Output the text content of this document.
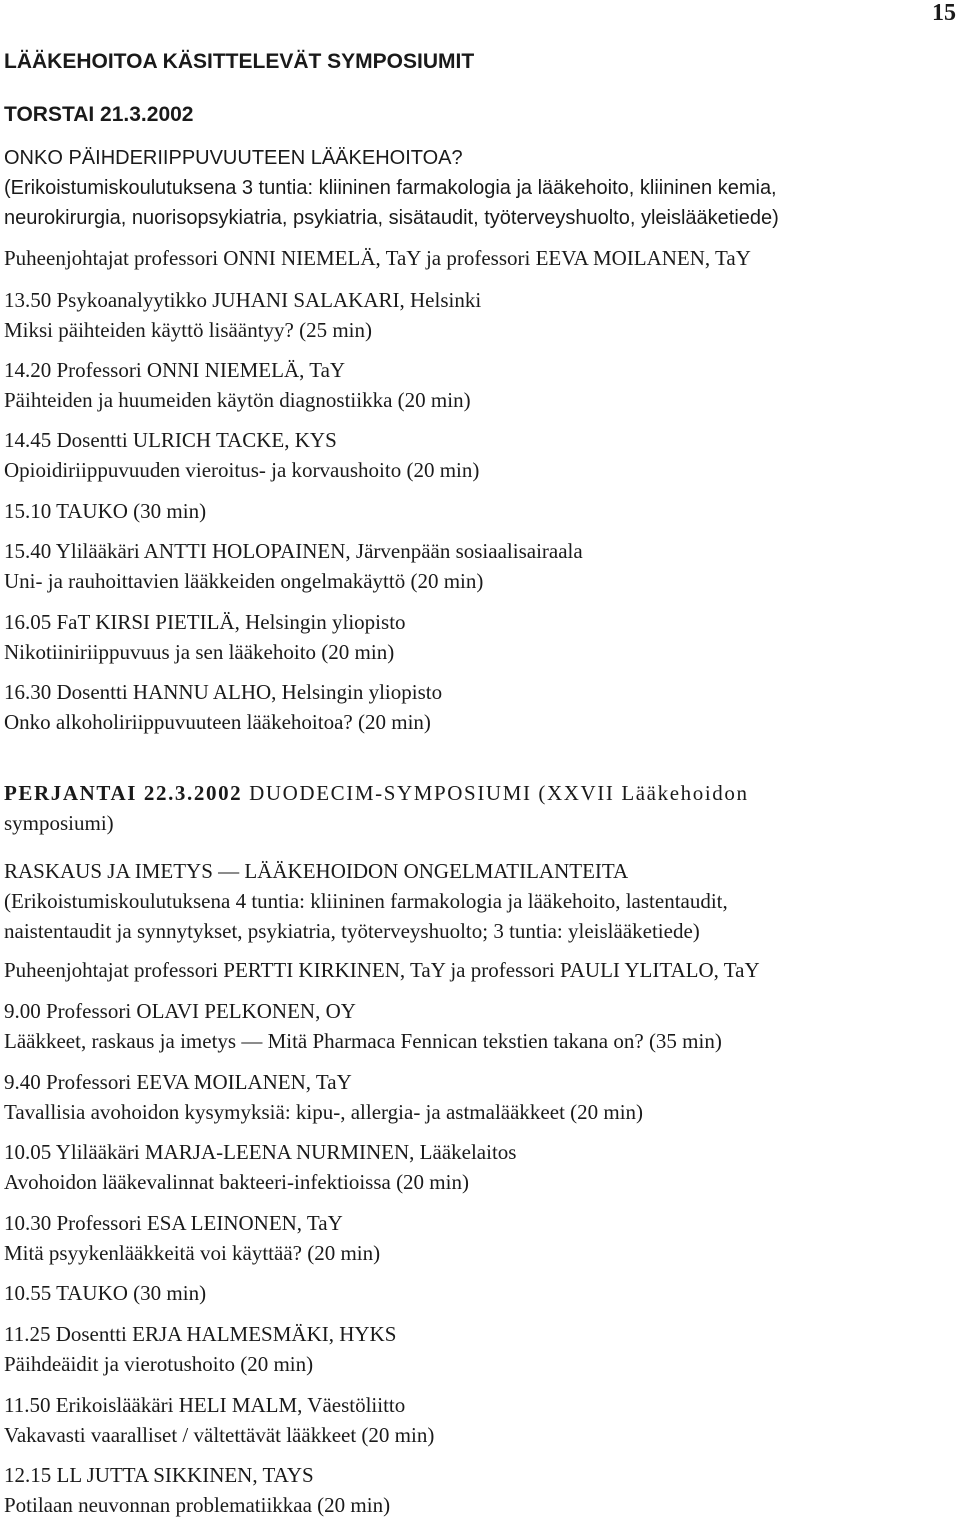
15
LÄÄKEHOITOA KÄSITTELEVÄT SYMPOSIUMIT
TORSTAI 21.3.2002
ONKO PÄIHDERIIPPUVUUTEEN LÄÄKEHOITOA?
(Erikoistumiskoulutuksena 3 tuntia: kliininen farmakologia ja lääkehoito, kliininen kemia,
neurokirurgia, nuorisopsykiatria, psykiatria, sisätaudit, työterveyshuolto, yleislääketiede)
Puheenjohtajat professori ONNI NIEMELÄ, TaY ja professori EEVA MOILANEN, TaY
13.50 Psykoanalyytikko JUHANI SALAKARI, Helsinki
Miksi päihteiden käyttö lisääntyy? (25 min)
14.20 Professori ONNI NIEMELÄ, TaY
Päihteiden ja huumeiden käytön diagnostiikka (20 min)
14.45 Dosentti ULRICH TACKE, KYS
Opioidiriippuvuuden vieroitus- ja korvaushoito (20 min)
15.10 TAUKO (30 min)
15.40 Ylilääkäri ANTTI HOLOPAINEN, Järvenpään sosiaalisairaala
Uni- ja rauhoittavien lääkkeiden ongelmakäyttö (20 min)
16.05 FaT KIRSI PIETILÄ, Helsingin yliopisto
Nikotiiniriippuvuus ja sen lääkehoito (20 min)
16.30 Dosentti HANNU ALHO, Helsingin yliopisto
Onko alkoholiriippuvuuteen lääkehoitoa? (20 min)
PERJANTAI 22.3.2002 DUODECIM-SYMPOSIUMI (XXVII Lääkehoidon
symposiumi)
RASKAUS JA IMETYS — LÄÄKEHOIDON ONGELMATILANTEITA
(Erikoistumiskoulutuksena 4 tuntia: kliininen farmakologia ja lääkehoito, lastentaudit,
naistentaudit ja synnytykset, psykiatria, työterveyshuolto; 3 tuntia: yleislääketiede)
Puheenjohtajat professori PERTTI KIRKINEN, TaY ja professori PAULI YLITALO, TaY
9.00 Professori OLAVI PELKONEN, OY
Lääkkeet, raskaus ja imetys — Mitä Pharmaca Fennican tekstien takana on? (35 min)
9.40 Professori EEVA MOILANEN, TaY
Tavallisia avohoidon kysymyksiä: kipu-, allergia- ja astmalääkkeet (20 min)
10.05 Ylilääkäri MARJA-LEENA NURMINEN, Lääkelaitos
Avohoidon lääkevalinnat bakteeri-infektioissa (20 min)
10.30 Professori ESA LEINONEN, TaY
Mitä psyykenlääkkeitä voi käyttää? (20 min)
10.55 TAUKO (30 min)
11.25 Dosentti ERJA HALMESMÄKI, HYKS
Päihdeäidit ja vierotushoito (20 min)
11.50 Erikoislääkäri HELI MALM, Väestöliitto
Vakavasti vaaralliset / vältettävät lääkkeet (20 min)
12.15 LL JUTTA SIKKINEN, TAYS
Potilaan neuvonnan problematiikkaa (20 min)
